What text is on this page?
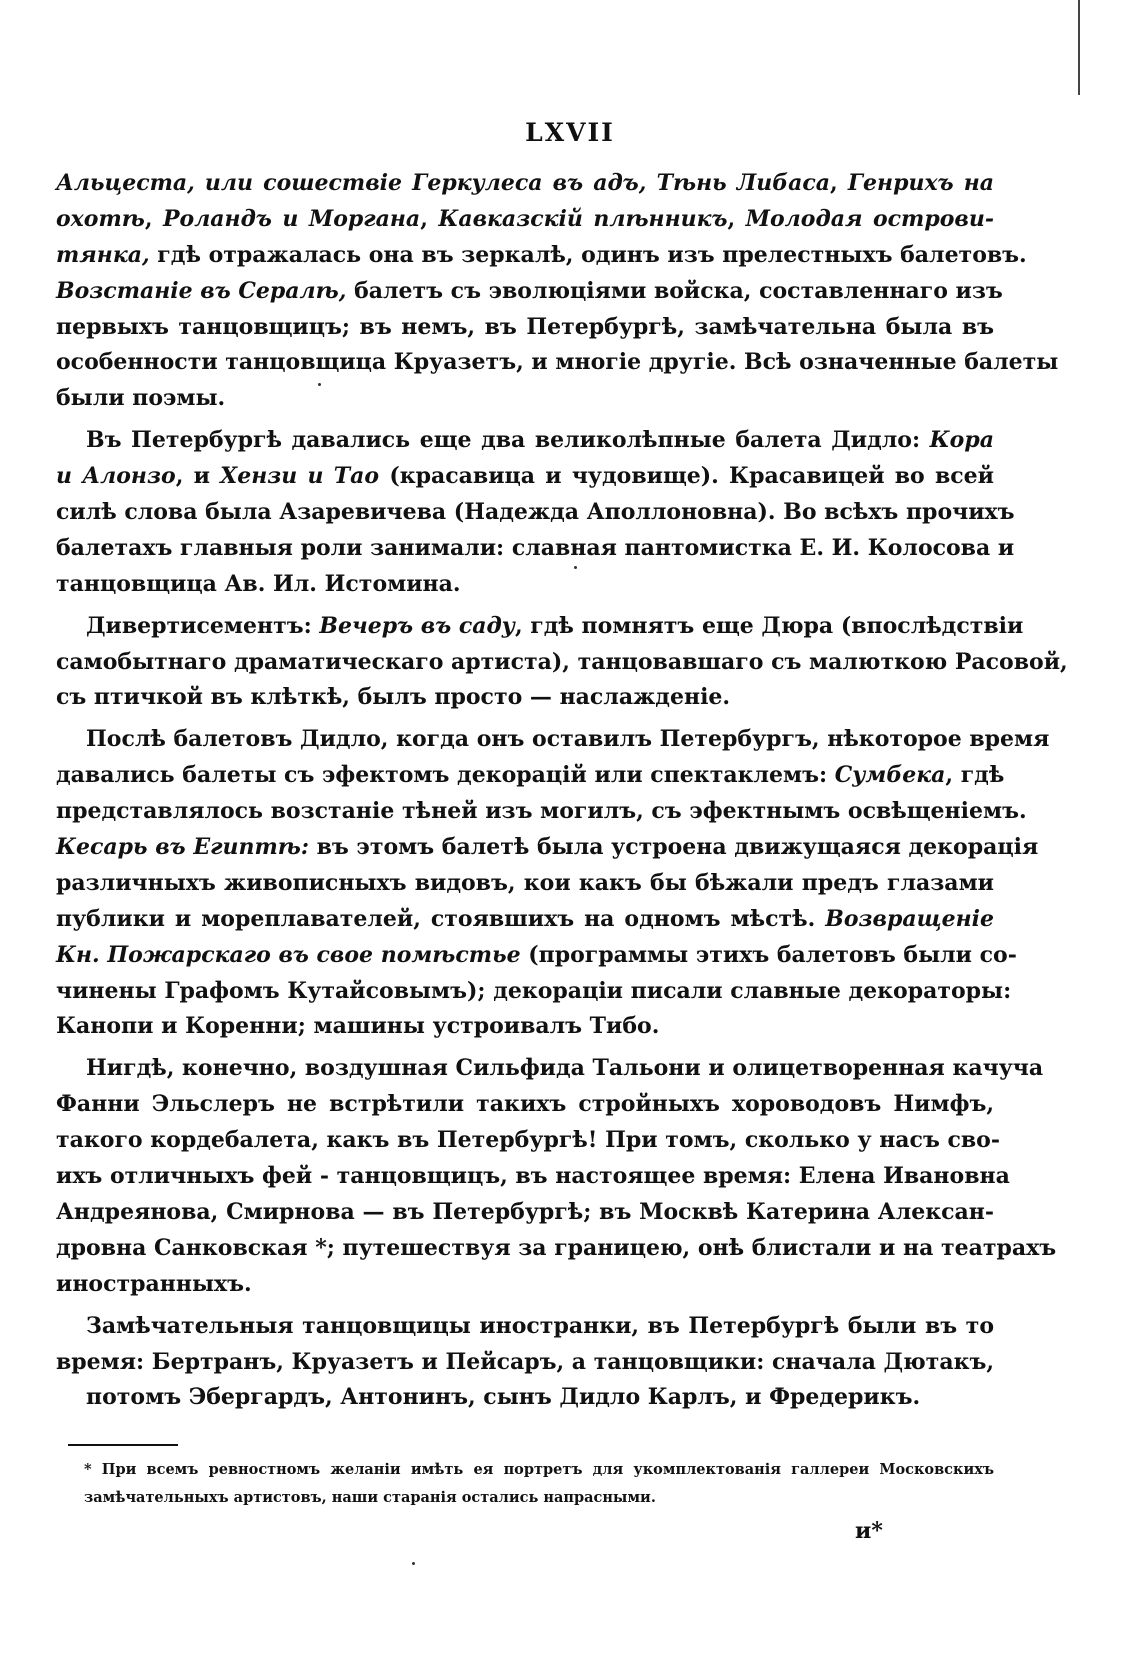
LXVII
Альцеста, или сошествіе Геркулеса въ адъ, Тѣнь Либаса, Генрихъ на
охотѣ, Роландъ и Моргана, Кавказскій плѣнникъ, Молодая острови-
тянка, гдѣ отражалась она въ зеркалѣ, одинъ изъ прелестныхъ балетовъ.
Возстаніе въ Сералѣ, балетъ съ эволюціями войска, составленнаго изъ
первыхъ танцовщицъ; въ немъ, въ Петербургѣ, замѣчательна была въ
особенности танцовщица Круазетъ, и многіе другіе. Всѣ означенные балеты
были поэмы.
Въ Петербургѣ давались еще два великолѣпные балета Дидло: Кора
и Алонзо, и Хензи и Тао (красавица и чудовище). Красавицей во всей
силѣ слова была Азаревичева (Надежда Аполлоновна). Во всѣхъ прочихъ
балетахъ главныя роли занимали: славная пантомистка Е. И. Колосова и
танцовщица Ав. Ил. Истомина.
Дивертисементъ: Вечеръ въ саду, гдѣ помнятъ еще Дюра (впослѣдствіи
самобытнаго драматическаго артиста), танцовавшаго съ малюткою Расовой,
съ птичкой въ клѣткѣ, былъ просто — наслажденіе.
Послѣ балетовъ Дидло, когда онъ оставилъ Петербургъ, нѣкоторое время
давались балеты съ эфектомъ декорацій или спектаклемъ: Сумбека, гдѣ
представлялось возстаніе тѣней изъ могилъ, съ эфектнымъ освѣщеніемъ.
Кесарь въ Египтѣ: въ этомъ балетѣ была устроена движущаяся декорація
различныхъ живописныхъ видовъ, кои какъ бы бѣжали предъ глазами
публики и мореплавателей, стоявшихъ на одномъ мѣстѣ. Возвращеніе
Кн. Пожарскаго въ свое помѣстье (программы этихъ балетовъ были со-
чинены Графомъ Кутайсовымъ); декораціи писали славные декораторы:
Канопи и Коренни; машины устроивалъ Тибо.
Нигдѣ, конечно, воздушная Сильфида Тальони и олицетворенная качуча
Фанни Эльслеръ не встрѣтили такихъ стройныхъ хороводовъ Нимфъ,
такого кордебалета, какъ въ Петербургѣ! При томъ, сколько у насъ сво-
ихъ отличныхъ фей - танцовщицъ, въ настоящее время: Елена Ивановна
Андреянова, Смирнова — въ Петербургѣ; въ Москвѣ Катерина Алексан-
дровна Санковская *; путешествуя за границею, онѣ блистали и на театрахъ
иностранныхъ.
Замѣчательныя танцовщицы иностранки, въ Петербургѣ были въ то
время: Бертранъ, Круазетъ и Пейсаръ, а танцовщики: сначала Дютакъ,
потомъ Эбергардъ, Антонинъ, сынъ Дидло Карлъ, и Фредерикъ.
* При всемъ ревностномъ желаніи имѣть ея портретъ для укомплектованія галлереи Московскихъ
замѣчательныхъ артистовъ, наши старанія остались напрасными.
и*
